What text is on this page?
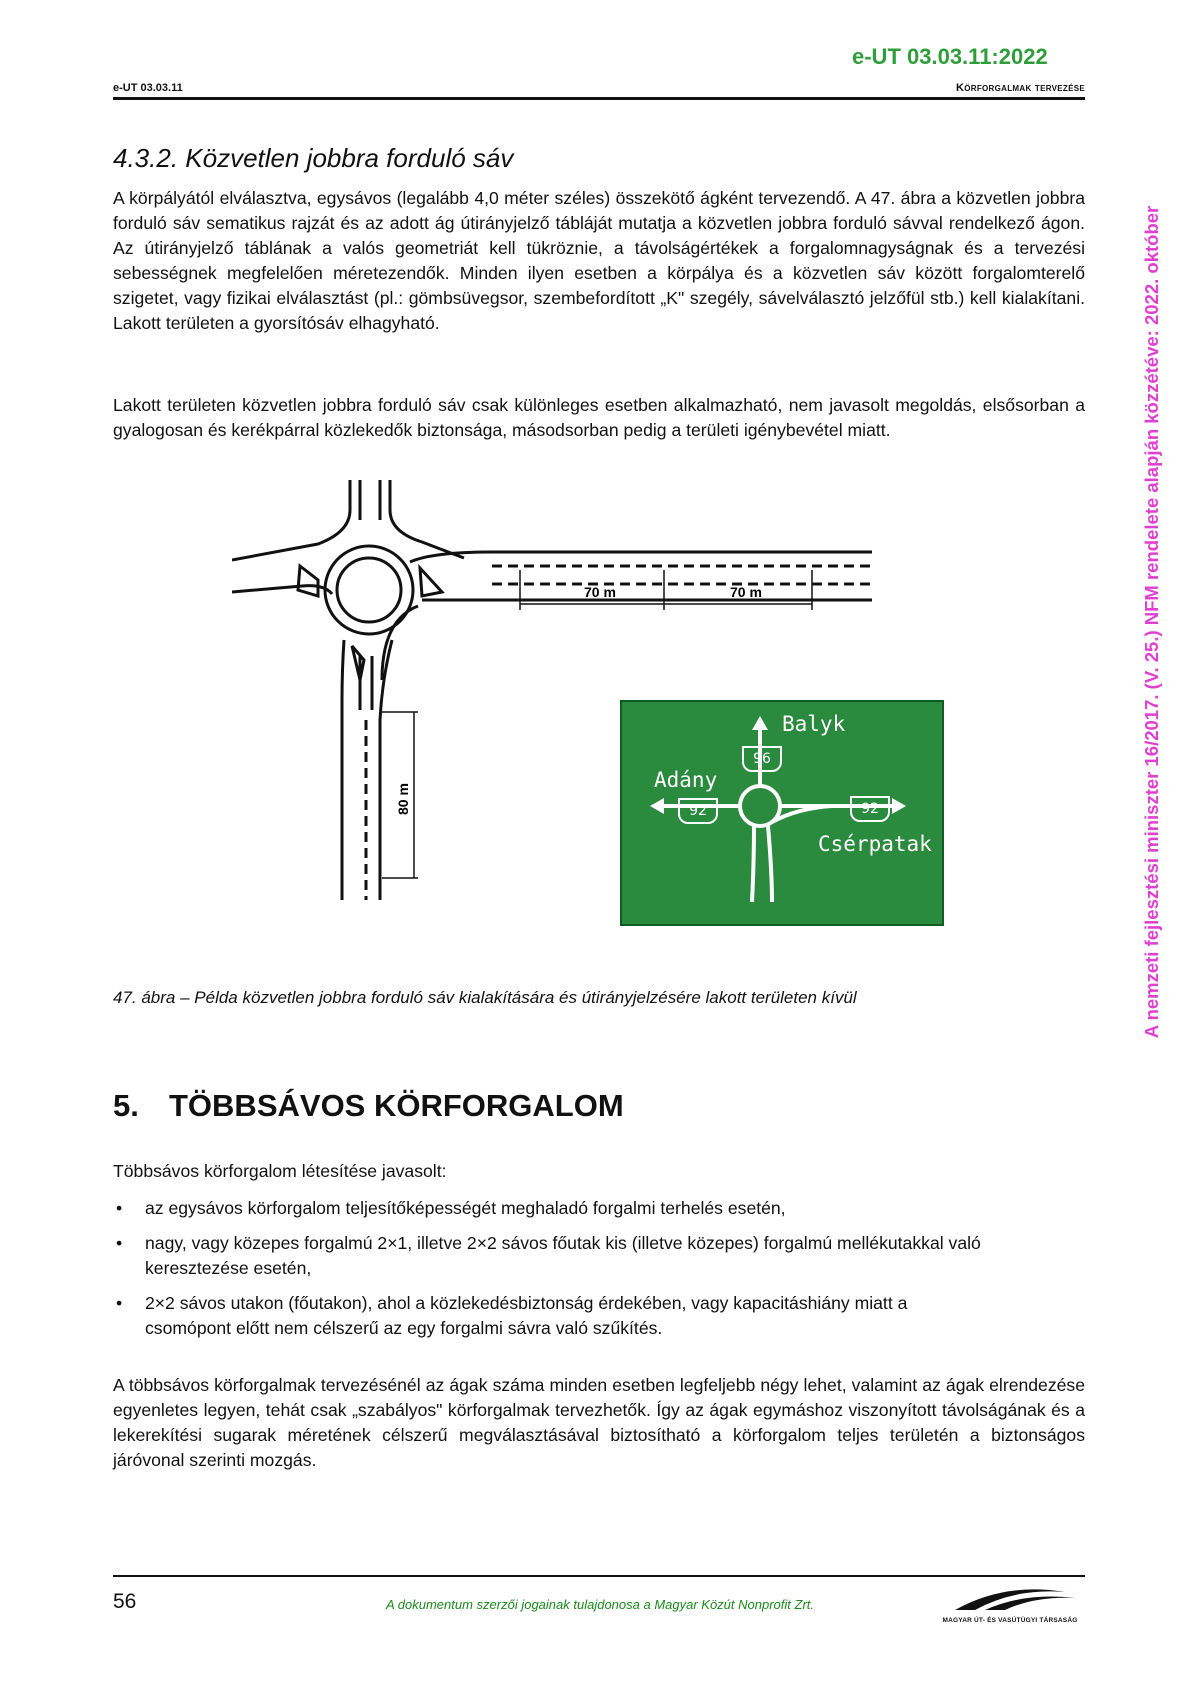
e-UT 03.03.11:2022
e-UT 03.03.11	Körforgalmak tervezése
4.3.2. Közvetlen jobbra forduló sáv
A körpályától elválasztva, egysávos (legalább 4,0 méter széles) összekötő ágként tervezendő. A 47. ábra a közvetlen jobbra forduló sáv sematikus rajzát és az adott ág útirányjelző tábláját mutatja a közvetlen jobbra forduló sávval rendelkező ágon. Az útirányjelző táblának a valós geometriát kell tükröznie, a távolságértékek a forgalomnagyságnak és a tervezési sebességnek megfelelően méretezendők. Minden ilyen esetben a körpálya és a közvetlen sáv között forgalomterelő szigetet, vagy fizikai elválasztást (pl.: gömbsüvegsor, szembefordított „K" szegély, sávelválasztó jelzőfül stb.) kell kialakítani. Lakott területen a gyorsítósáv elhagyható.
Lakott területen közvetlen jobbra forduló sáv csak különleges esetben alkalmazható, nem javasolt megoldás, elsősorban a gyalogosan és kerékpárral közlekedők biztonsága, másodsorban pedig a területi igénybevétel miatt.
70 m	70 m
80 m
Balyk
96
Adány
92
Csérpatak
92
47. ábra – Példa közvetlen jobbra forduló sáv kialakítására és útirányjelzésére lakott területen kívül
5. TÖBBSÁVOS KÖRFORGALOM
Többsávos körforgalom létesítése javasolt:
• az egysávos körforgalom teljesítőképességét meghaladó forgalmi terhelés esetén,
• nagy, vagy közepes forgalmú 2×1, illetve 2×2 sávos főutak kis (illetve közepes) forgalmú mellékutakkal való keresztezése esetén,
• 2×2 sávos utakon (főutakon), ahol a közlekedésbiztonság érdekében, vagy kapacitáshiány miatt a csomópont előtt nem célszerű az egy forgalmi sávra való szűkítés.
A többsávos körforgalmak tervezésénél az ágak száma minden esetben legfeljebb négy lehet, valamint az ágak elrendezése egyenletes legyen, tehát csak „szabályos" körforgalmak tervezhetők. Így az ágak egymáshoz viszonyított távolságának és a lekerekítési sugarak méretének célszerű megválasztásával biztosítható a körforgalom teljes területén a biztonságos járóvonal szerinti mozgás.
A nemzeti fejlesztési miniszter 16/2017. (V. 25.) NFM rendelete alapján közzétéve: 2022. október
56	A dokumentum szerzői jogainak tulajdonosa a Magyar Közút Nonprofit Zrt.
MAGYAR ÚT- ÉS VASÚTÜGYI TÁRSASÁG
